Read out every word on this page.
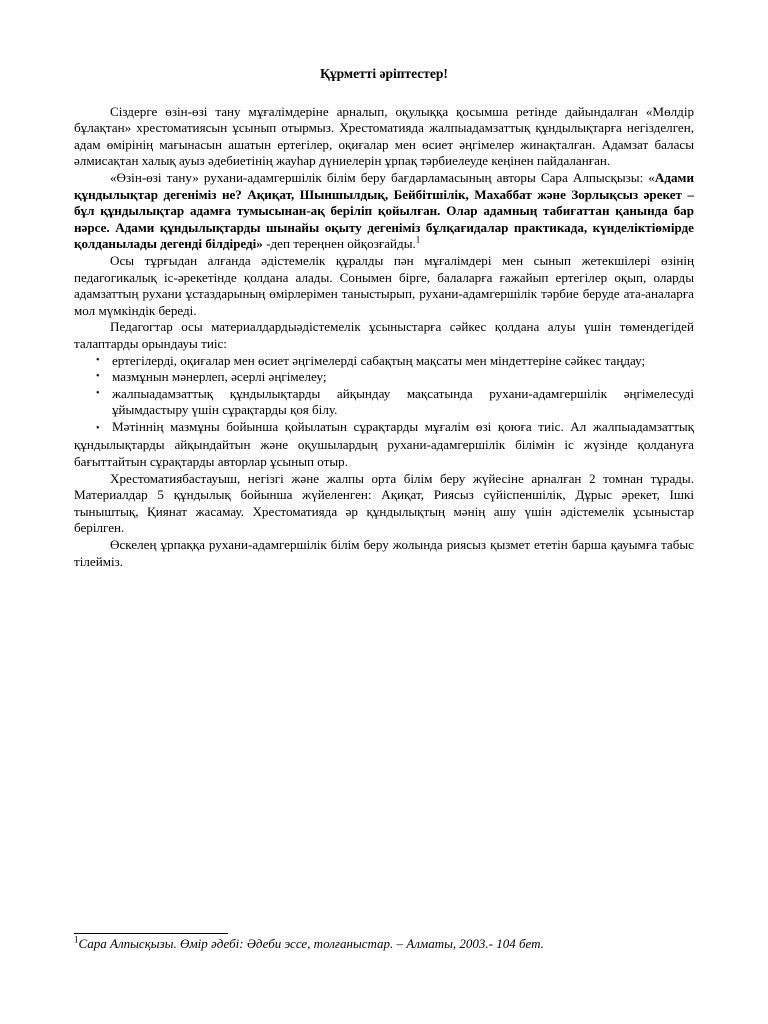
Құрметті әріптестер!

Сіздерге өзін-өзі тану мұғалімдеріне арналып, оқулыққа қосымша ретінде дайындалған «Мөлдір бұлақтан» хрестоматиясын ұсынып отырмыз. Хрестоматияда жалпыадамзаттық құндылықтарға негізделген, адам өмірінің мағынасын ашатын ертегілер, оқиғалар мен өсиет әңгімелер жинақталған. Адамзат баласы әлмисақтан халық ауыз әдебиетінің жауһар дүниелерін ұрпақ тәрбиелеуде кеңінен пайдаланған.

«Өзін-өзі тану» рухани-адамгершілік білім беру бағдарламасының авторы Сара Алпысқызы: «Адами құндылықтар дегеніміз не? Ақиқат, Шыншылдық, Бейбітшілік, Махаббат және Зорлықсыз әрекет – бұл құндылықтар адамға тумысынан-ақ беріліп қойылған. Олар адамның табиғаттан қанында бар нәрсе. Адами құндылықтарды шынайы оқыту дегеніміз бұлқағидалар практикада, күнделіктіөмірде қолданылады дегенді білдіреді» -деп тереңнен ойқозғайды.$^1$

Осы тұрғыдан алғанда әдістемелік құралды пән мұғалімдері мен сынып жетекшілері өзінің педагогикалық іс-әрекетінде қолдана алады. Сонымен бірге, балаларға ғажайып ертегілер оқып, оларды адамзаттың рухани ұстаздарының өмірлерімен таныстырып, рухани-адамгершілік тәрбие беруде ата-аналарға мол мүмкіндік береді.

Педагогтар осы материалдардыәдістемелік ұсыныстарға сәйкес қолдана алуы үшін төмендегідей талаптарды орындауы тиіс:

• ертегілерді, оқиғалар мен өсиет әңгімелерді сабақтың мақсаты мен міндеттеріне сәйкес таңдау;
• мазмұнын мәнерлеп, әсерлі әңгімелеу;
• жалпыадамзаттық құндылықтарды айқындау мақсатында рухани-адамгершілік әңгімелесуді ұйымдастыру үшін сұрақтарды қоя білу.
• Мәтіннің мазмұны бойынша қойылатын сұрақтарды мұғалім өзі қоюға тиіс. Ал жалпыадамзаттық құндылықтарды айқындайтын және оқушылардың рухани-адамгершілік білімін іс жүзінде қолдануға бағыттайтын сұрақтарды авторлар ұсынып отыр.

Хрестоматиябастауыш, негізгі және жалпы орта білім беру жүйесіне арналған 2 томнан тұрады. Материалдар 5 құндылық бойынша жүйеленген: Ақиқат, Риясыз сүйіспеншілік, Дұрыс әрекет, Ішкі тыныштық, Қиянат жасамау. Хрестоматияда әр құндылықтың мәнің ашу үшін әдістемелік ұсыныстар берілген.

Өскелең ұрпаққа рухани-адамгершілік білім беру жолында риясыз қызмет ететін барша қауымға табыс тілейміз.

$^1$Сара Алпысқызы. Өмір әдебі: Әдеби эссе, толғаныстар. – Алматы, 2003.- 104 бет.
